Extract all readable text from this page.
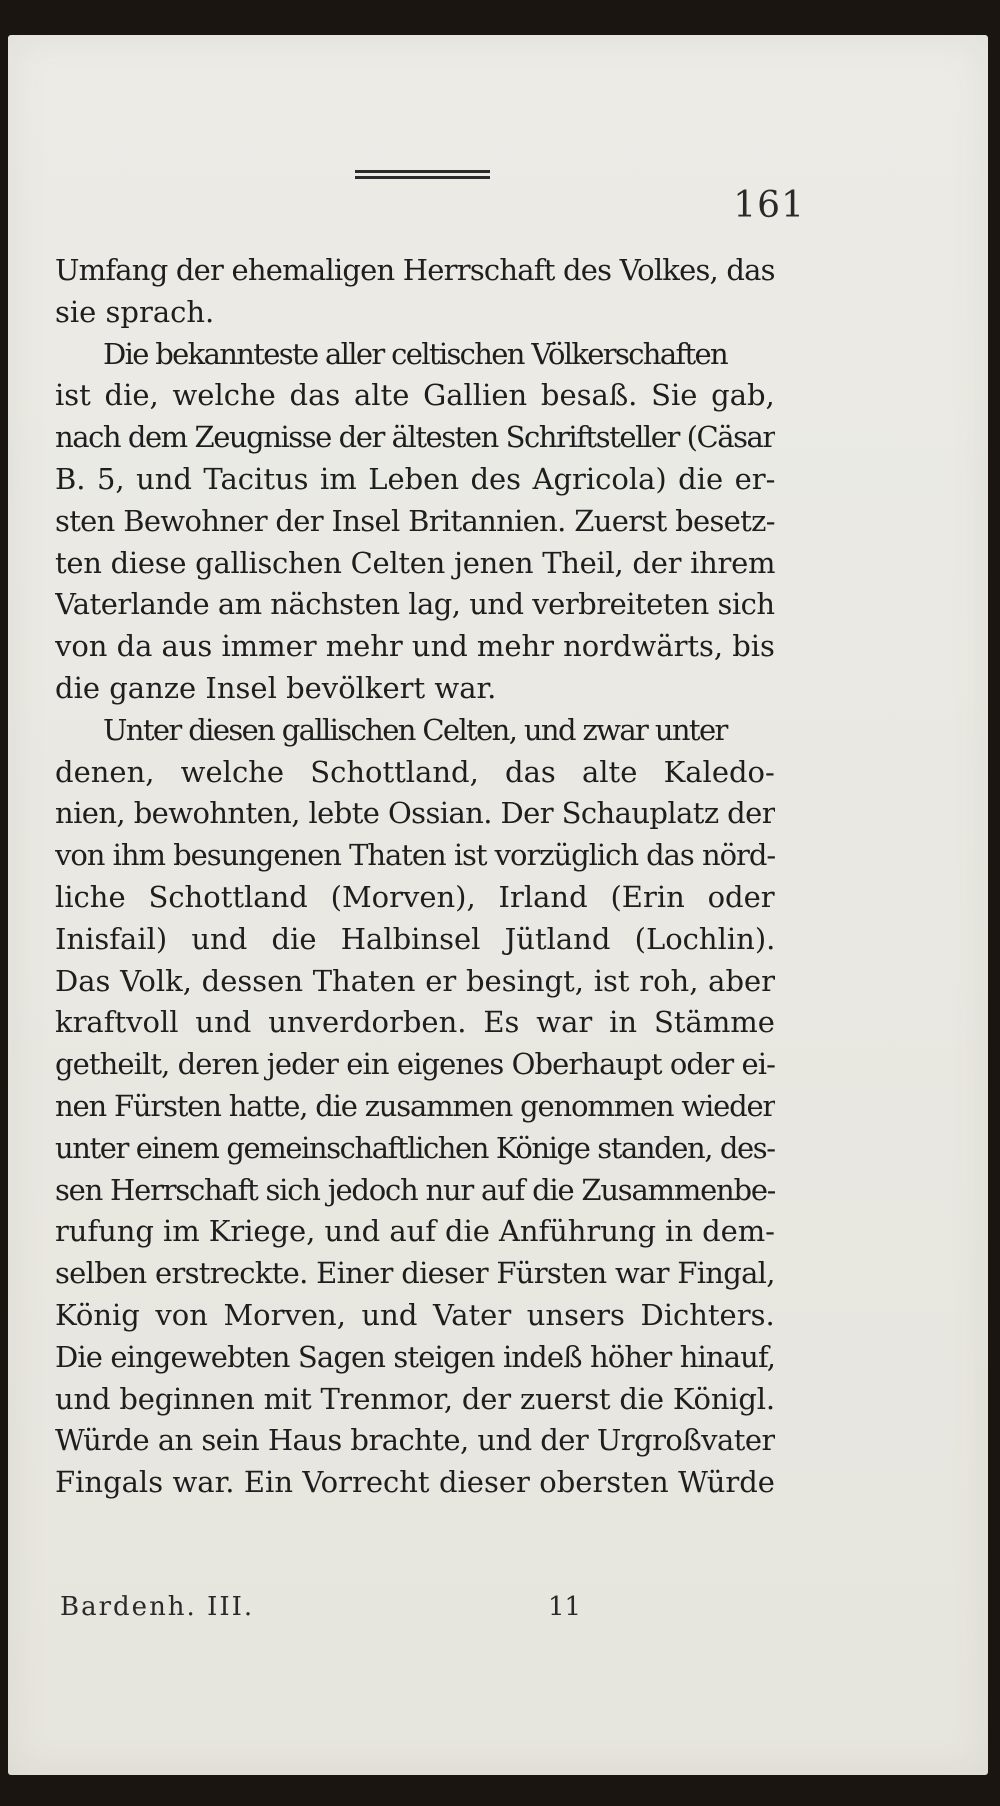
161
Umfang der ehemaligen Herrschaft des Volkes, das
sie sprach.
Die bekannteste aller celtischen Völkerschaften
ist die, welche das alte Gallien besaß. Sie gab,
nach dem Zeugnisse der ältesten Schriftsteller (Cäsar
B. 5, und Tacitus im Leben des Agricola) die er-
sten Bewohner der Insel Britannien. Zuerst besetz-
ten diese gallischen Celten jenen Theil, der ihrem
Vaterlande am nächsten lag, und verbreiteten sich
von da aus immer mehr und mehr nordwärts, bis
die ganze Insel bevölkert war.
Unter diesen gallischen Celten, und zwar unter
denen, welche Schottland, das alte Kaledo-
nien, bewohnten, lebte Ossian. Der Schauplatz der
von ihm besungenen Thaten ist vorzüglich das nörd-
liche Schottland (Morven), Irland (Erin oder
Inisfail) und die Halbinsel Jütland (Lochlin).
Das Volk, dessen Thaten er besingt, ist roh, aber
kraftvoll und unverdorben. Es war in Stämme
getheilt, deren jeder ein eigenes Oberhaupt oder ei-
nen Fürsten hatte, die zusammen genommen wieder
unter einem gemeinschaftlichen Könige standen, des-
sen Herrschaft sich jedoch nur auf die Zusammenbe-
rufung im Kriege, und auf die Anführung in dem-
selben erstreckte. Einer dieser Fürsten war Fingal,
König von Morven, und Vater unsers Dichters.
Die eingewebten Sagen steigen indeß höher hinauf,
und beginnen mit Trenmor, der zuerst die Königl.
Würde an sein Haus brachte, und der Urgroßvater
Fingals war. Ein Vorrecht dieser obersten Würde
Bardenh. III.	11
